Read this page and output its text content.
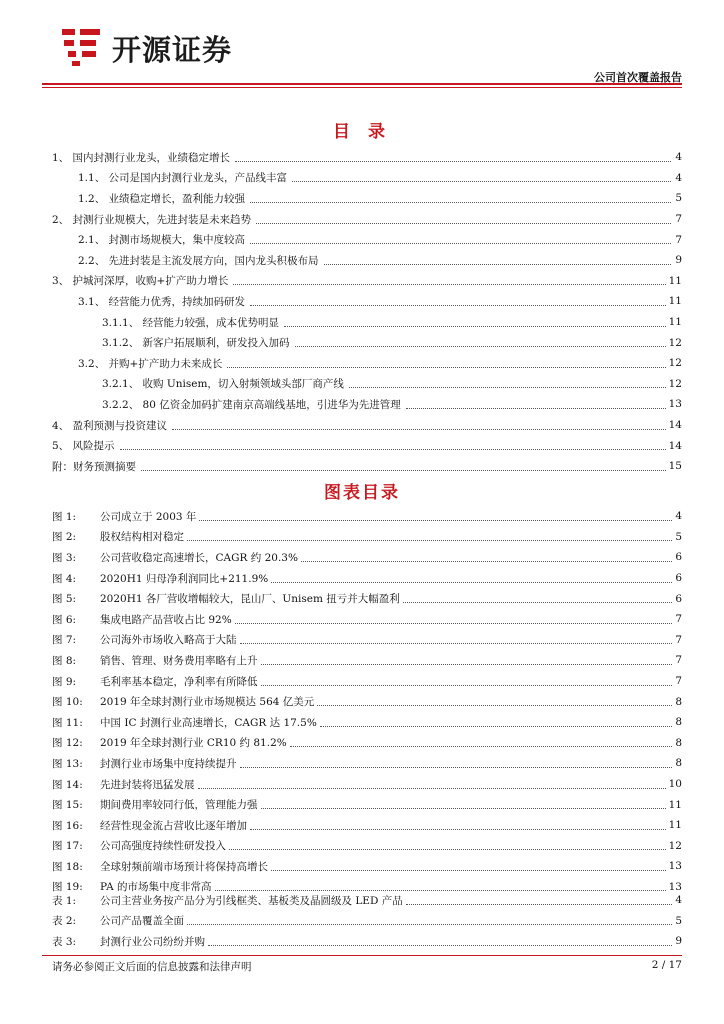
开源证券
公司首次覆盖报告
目 录
1、 国内封测行业龙头，业绩稳定增长	4
1.1、 公司是国内封测行业龙头，产品线丰富	4
1.2、 业绩稳定增长，盈利能力较强	5
2、 封测行业规模大，先进封装是未来趋势	7
2.1、 封测市场规模大，集中度较高	7
2.2、 先进封装是主流发展方向，国内龙头积极布局	9
3、 护城河深厚，收购+扩产助力增长	11
3.1、 经营能力优秀，持续加码研发	11
3.1.1、 经营能力较强，成本优势明显	11
3.1.2、 新客户拓展顺利，研发投入加码	12
3.2、 并购+扩产助力未来成长	12
3.2.1、 收购 Unisem，切入射频领域头部厂商产线	12
3.2.2、 80 亿资金加码扩建南京高端线基地，引进华为先进管理	13
4、 盈利预测与投资建议	14
5、 风险提示	14
附：财务预测摘要	15
图表目录
图 1:	公司成立于 2003 年	4
图 2:	股权结构相对稳定	5
图 3:	公司营收稳定高速增长，CAGR 约 20.3%	6
图 4:	2020H1 归母净利润同比+211.9%	6
图 5:	2020H1 各厂营收增幅较大，昆山厂、Unisem 扭亏并大幅盈利	6
图 6:	集成电路产品营收占比 92%	7
图 7:	公司海外市场收入略高于大陆	7
图 8:	销售、管理、财务费用率略有上升	7
图 9:	毛利率基本稳定，净利率有所降低	7
图 10:	2019 年全球封测行业市场规模达 564 亿美元	8
图 11:	中国 IC 封测行业高速增长，CAGR 达 17.5%	8
图 12:	2019 年全球封测行业 CR10 约 81.2%	8
图 13:	封测行业市场集中度持续提升	8
图 14:	先进封装将迅猛发展	10
图 15:	期间费用率较同行低，管理能力强	11
图 16:	经营性现金流占营收比逐年增加	11
图 17:	公司高强度持续性研发投入	12
图 18:	全球射频前端市场预计将保持高增长	13
图 19:	PA 的市场集中度非常高	13
表 1:	公司主营业务按产品分为引线框类、基板类及晶圆级及 LED 产品	4
表 2:	公司产品覆盖全面	5
表 3:	封测行业公司纷纷并购	9
请务必参阅正文后面的信息披露和法律声明	2 / 17
